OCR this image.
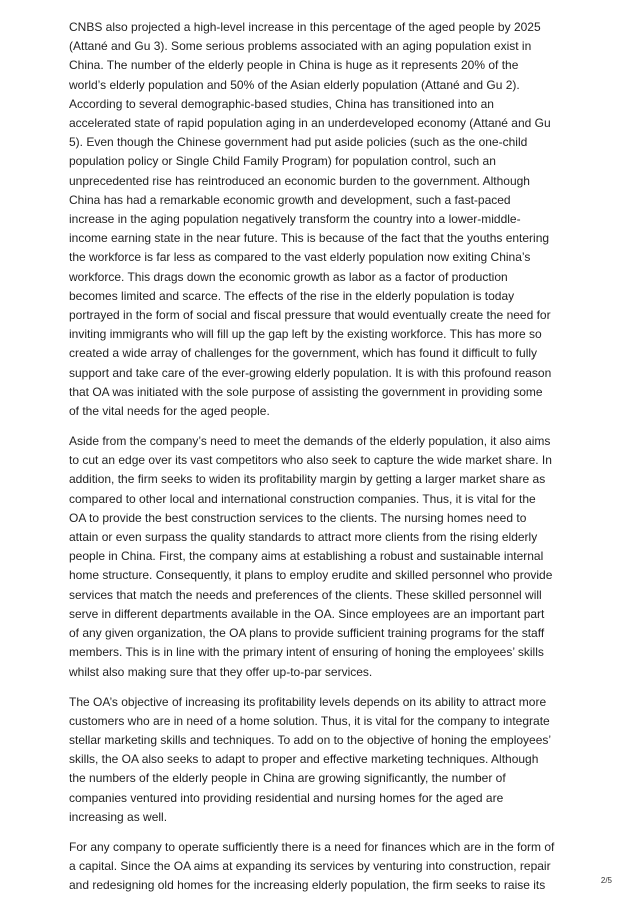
CNBS also projected a high-level increase in this percentage of the aged people by 2025
(Attané and Gu 3). Some serious problems associated with an aging population exist in
China. The number of the elderly people in China is huge as it represents 20% of the
world’s elderly population and 50% of the Asian elderly population (Attané and Gu 2).
According to several demographic-based studies, China has transitioned into an
accelerated state of rapid population aging in an underdeveloped economy (Attané and Gu
5). Even though the Chinese government had put aside policies (such as the one-child
population policy or Single Child Family Program) for population control, such an
unprecedented rise has reintroduced an economic burden to the government. Although
China has had a remarkable economic growth and development, such a fast-paced
increase in the aging population negatively transform the country into a lower-middle-
income earning state in the near future. This is because of the fact that the youths entering
the workforce is far less as compared to the vast elderly population now exiting China’s
workforce. This drags down the economic growth as labor as a factor of production
becomes limited and scarce. The effects of the rise in the elderly population is today
portrayed in the form of social and fiscal pressure that would eventually create the need for
inviting immigrants who will fill up the gap left by the existing workforce. This has more so
created a wide array of challenges for the government, which has found it difficult to fully
support and take care of the ever-growing elderly population. It is with this profound reason
that OA was initiated with the sole purpose of assisting the government in providing some
of the vital needs for the aged people.

Aside from the company’s need to meet the demands of the elderly population, it also aims
to cut an edge over its vast competitors who also seek to capture the wide market share. In
addition, the firm seeks to widen its profitability margin by getting a larger market share as
compared to other local and international construction companies. Thus, it is vital for the
OA to provide the best construction services to the clients. The nursing homes need to
attain or even surpass the quality standards to attract more clients from the rising elderly
people in China. First, the company aims at establishing a robust and sustainable internal
home structure. Consequently, it plans to employ erudite and skilled personnel who provide
services that match the needs and preferences of the clients. These skilled personnel will
serve in different departments available in the OA. Since employees are an important part
of any given organization, the OA plans to provide sufficient training programs for the staff
members. This is in line with the primary intent of ensuring of honing the employees’ skills
whilst also making sure that they offer up-to-par services.

The OA’s objective of increasing its profitability levels depends on its ability to attract more
customers who are in need of a home solution. Thus, it is vital for the company to integrate
stellar marketing skills and techniques. To add on to the objective of honing the employees’
skills, the OA also seeks to adapt to proper and effective marketing techniques. Although
the numbers of the elderly people in China are growing significantly, the number of
companies ventured into providing residential and nursing homes for the aged are
increasing as well.

For any company to operate sufficiently there is a need for finances which are in the form of
a capital. Since the OA aims at expanding its services by venturing into construction, repair
and redesigning old homes for the increasing elderly population, the firm seeks to raise its	2/5
